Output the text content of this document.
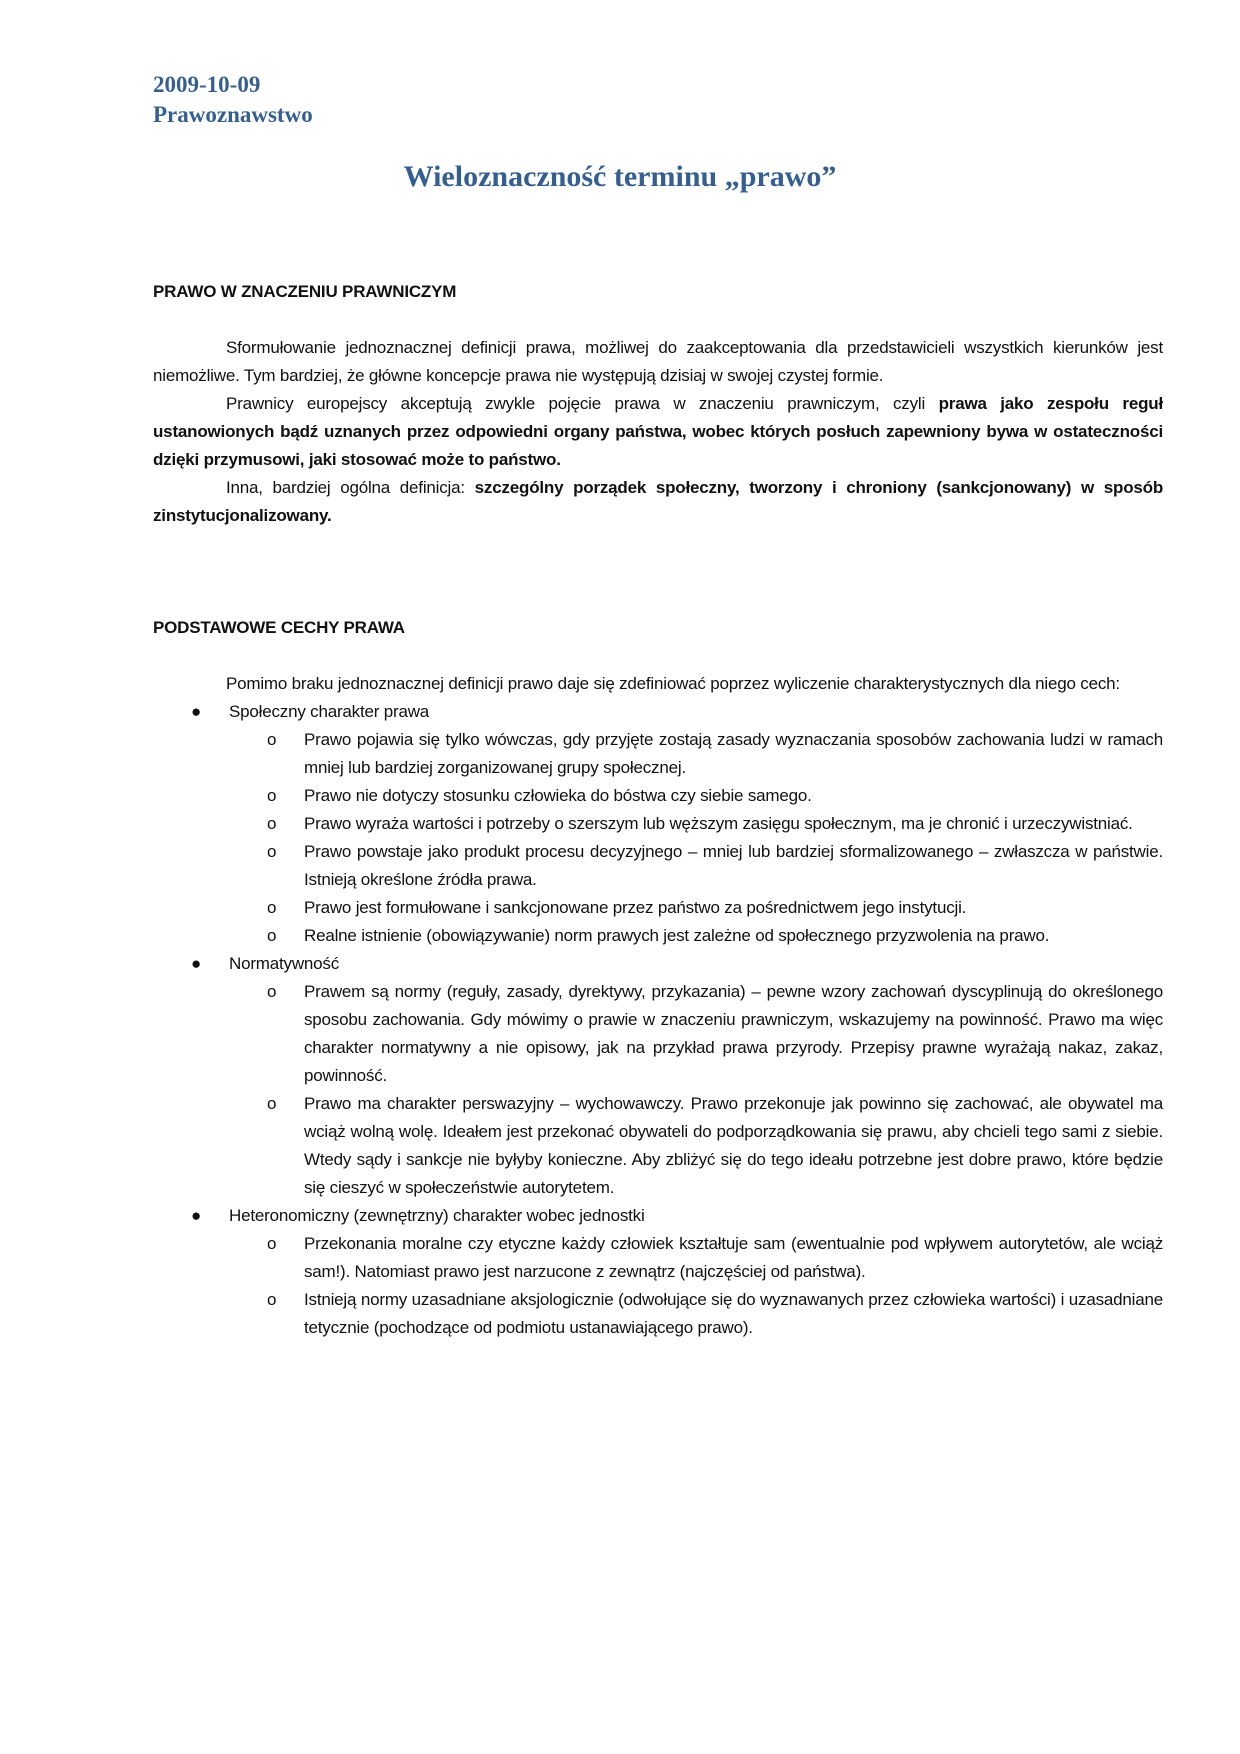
2009-10-09
Prawoznawstwo
Wieloznaczność terminu „prawo”
PRAWO W ZNACZENIU PRAWNICZYM

Sformułowanie jednoznacznej definicji prawa, możliwej do zaakceptowania dla przedstawicieli wszystkich kierunków jest niemożliwe. Tym bardziej, że główne koncepcje prawa nie występują dzisiaj w swojej czystej formie.

Prawnicy europejscy akceptują zwykle pojęcie prawa w znaczeniu prawniczym, czyli prawa jako zespołu reguł ustanowionych bądź uznanych przez odpowiedni organy państwa, wobec których posłuch zapewniony bywa w ostateczności dzięki przymusowi, jaki stosować może to państwo.

Inna, bardziej ogólna definicja: szczególny porządek społeczny, tworzony i chroniony (sankcjonowany) w sposób zinstytucjonalizowany.

PODSTAWOWE CECHY PRAWA

Pomimo braku jednoznacznej definicji prawo daje się zdefiniować poprzez wyliczenie charakterystycznych dla niego cech:

● Społeczny charakter prawa
o Prawo pojawia się tylko wówczas, gdy przyjęte zostają zasady wyznaczania sposobów zachowania ludzi w ramach mniej lub bardziej zorganizowanej grupy społecznej.
o Prawo nie dotyczy stosunku człowieka do bóstwa czy siebie samego.
o Prawo wyraża wartości i potrzeby o szerszym lub węższym zasięgu społecznym, ma je chronić i urzeczywistniać.
o Prawo powstaje jako produkt procesu decyzyjnego – mniej lub bardziej sformalizowanego – zwłaszcza w państwie. Istnieją określone źródła prawa.
o Prawo jest formułowane i sankcjonowane przez państwo za pośrednictwem jego instytucji.
o Realne istnienie (obowiązywanie) norm prawych jest zależne od społecznego przyzwolenia na prawo.
● Normatywność
o Prawem są normy (reguły, zasady, dyrektywy, przykazania) – pewne wzory zachowań dyscyplinują do określonego sposobu zachowania. Gdy mówimy o prawie w znaczeniu prawniczym, wskazujemy na powinność. Prawo ma więc charakter normatywny a nie opisowy, jak na przykład prawa przyrody. Przepisy prawne wyrażają nakaz, zakaz, powinność.
o Prawo ma charakter perswazyjny – wychowawczy. Prawo przekonuje jak powinno się zachować, ale obywatel ma wciąż wolną wolę. Ideałem jest przekonać obywateli do podporządkowania się prawu, aby chcieli tego sami z siebie. Wtedy sądy i sankcje nie byłyby konieczne. Aby zbliżyć się do tego ideału potrzebne jest dobre prawo, które będzie się cieszyć w społeczeństwie autorytetem.
● Heteronomiczny (zewnętrzny) charakter wobec jednostki
o Przekonania moralne czy etyczne każdy człowiek kształtuje sam (ewentualnie pod wpływem autorytetów, ale wciąż sam!). Natomiast prawo jest narzucone z zewnątrz (najczęściej od państwa).
o Istnieją normy uzasadniane aksjologicznie (odwołujące się do wyznawanych przez człowieka wartości) i uzasadniane tetycznie (pochodzące od podmiotu ustanawiającego prawo).
